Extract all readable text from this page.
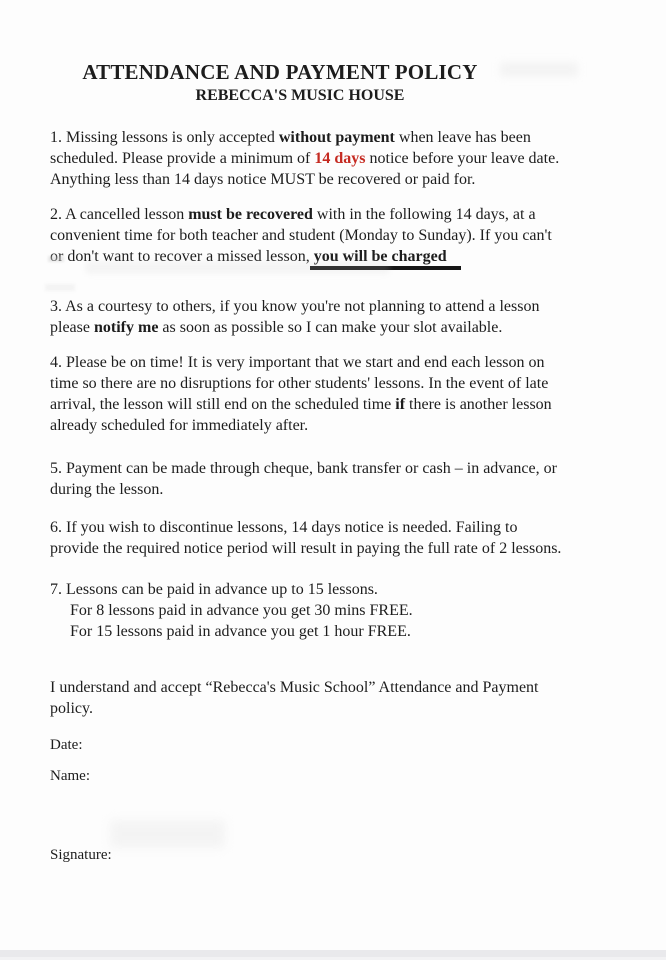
ATTENDANCE AND PAYMENT POLICY
REBECCA'S MUSIC HOUSE
1. Missing lessons is only accepted without payment when leave has been
scheduled. Please provide a minimum of 14 days notice before your leave date.
Anything less than 14 days notice MUST be recovered or paid for.
2. A cancelled lesson must be recovered with in the following 14 days, at a
convenient time for both teacher and student (Monday to Sunday). If you can't
or don't want to recover a missed lesson, you will be charged
3. As a courtesy to others, if you know you're not planning to attend a lesson
please notify me as soon as possible so I can make your slot available.
4. Please be on time! It is very important that we start and end each lesson on
time so there are no disruptions for other students' lessons. In the event of late
arrival, the lesson will still end on the scheduled time if there is another lesson
already scheduled for immediately after.
5. Payment can be made through cheque, bank transfer or cash – in advance, or
during the lesson.
6. If you wish to discontinue lessons, 14 days notice is needed. Failing to
provide the required notice period will result in paying the full rate of 2 lessons.
7. Lessons can be paid in advance up to 15 lessons.
For 8 lessons paid in advance you get 30 mins FREE.
For 15 lessons paid in advance you get 1 hour FREE.
I understand and accept “Rebecca's Music School” Attendance and Payment
policy.
Date:
Name:
Signature:
